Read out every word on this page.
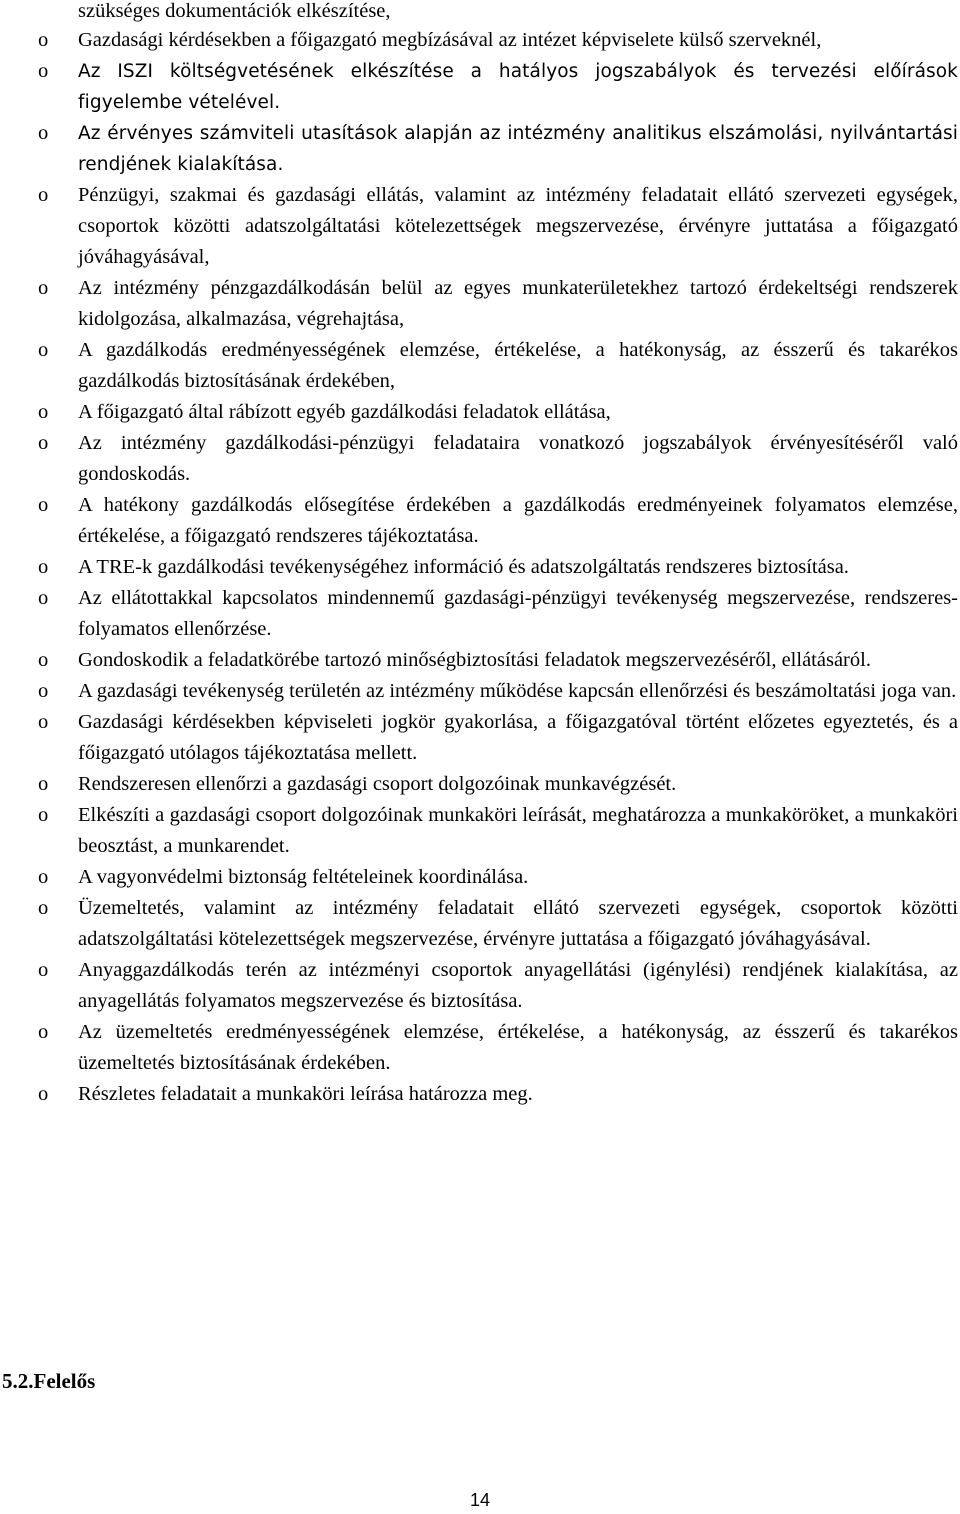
szükséges dokumentációk elkészítése,

o Gazdasági kérdésekben a főigazgató megbízásával az intézet képviselete külső szerveknél,
o Az ISZI költségvetésének elkészítése a hatályos jogszabályok és tervezési előírások figyelembe vételével.
o Az érvényes számviteli utasítások alapján az intézmény analitikus elszámolási, nyilvántartási rendjének kialakítása.
o Pénzügyi, szakmai és gazdasági ellátás, valamint az intézmény feladatait ellátó szervezeti egységek, csoportok közötti adatszolgáltatási kötelezettségek megszervezése, érvényre juttatása a főigazgató jóváhagyásával,
o Az intézmény pénzgazdálkodásán belül az egyes munkaterületekhez tartozó érdekeltségi rendszerek kidolgozása, alkalmazása, végrehajtása,
o A gazdálkodás eredményességének elemzése, értékelése, a hatékonyság, az ésszerű és takarékos gazdálkodás biztosításának érdekében,
o A főigazgató által rábízott egyéb gazdálkodási feladatok ellátása,
o Az intézmény gazdálkodási-pénzügyi feladataira vonatkozó jogszabályok érvényesítéséről való gondoskodás.
o A hatékony gazdálkodás elősegítése érdekében a gazdálkodás eredményeinek folyamatos elemzése, értékelése, a főigazgató rendszeres tájékoztatása.
o A TRE-k gazdálkodási tevékenységéhez információ és adatszolgáltatás rendszeres biztosítása.
o Az ellátottakkal kapcsolatos mindennemű gazdasági-pénzügyi tevékenység megszervezése, rendszeres-folyamatos ellenőrzése.
o Gondoskodik a feladatkörébe tartozó minőségbiztosítási feladatok megszervezéséről, ellátásáról.
o A gazdasági tevékenység területén az intézmény működése kapcsán ellenőrzési és beszámoltatási joga van.
o Gazdasági kérdésekben képviseleti jogkör gyakorlása, a főigazgatóval történt előzetes egyeztetés, és a főigazgató utólagos tájékoztatása mellett.
o Rendszeresen ellenőrzi a gazdasági csoport dolgozóinak munkavégzését.
o Elkészíti a gazdasági csoport dolgozóinak munkaköri leírását, meghatározza a munkaköröket, a munkaköri beosztást, a munkarendet.
o A vagyonvédelmi biztonság feltételeinek koordinálása.
o Üzemeltetés, valamint az intézmény feladatait ellátó szervezeti egységek, csoportok közötti adatszolgáltatási kötelezettségek megszervezése, érvényre juttatása a főigazgató jóváhagyásával.
o Anyaggazdálkodás terén az intézményi csoportok anyagellátási (igénylési) rendjének kialakítása, az anyagellátás folyamatos megszervezése és biztosítása.
o Az üzemeltetés eredményességének elemzése, értékelése, a hatékonyság, az ésszerű és takarékos üzemeltetés biztosításának érdekében.
o Részletes feladatait a munkaköri leírása határozza meg.
5.2.Felelős
14
